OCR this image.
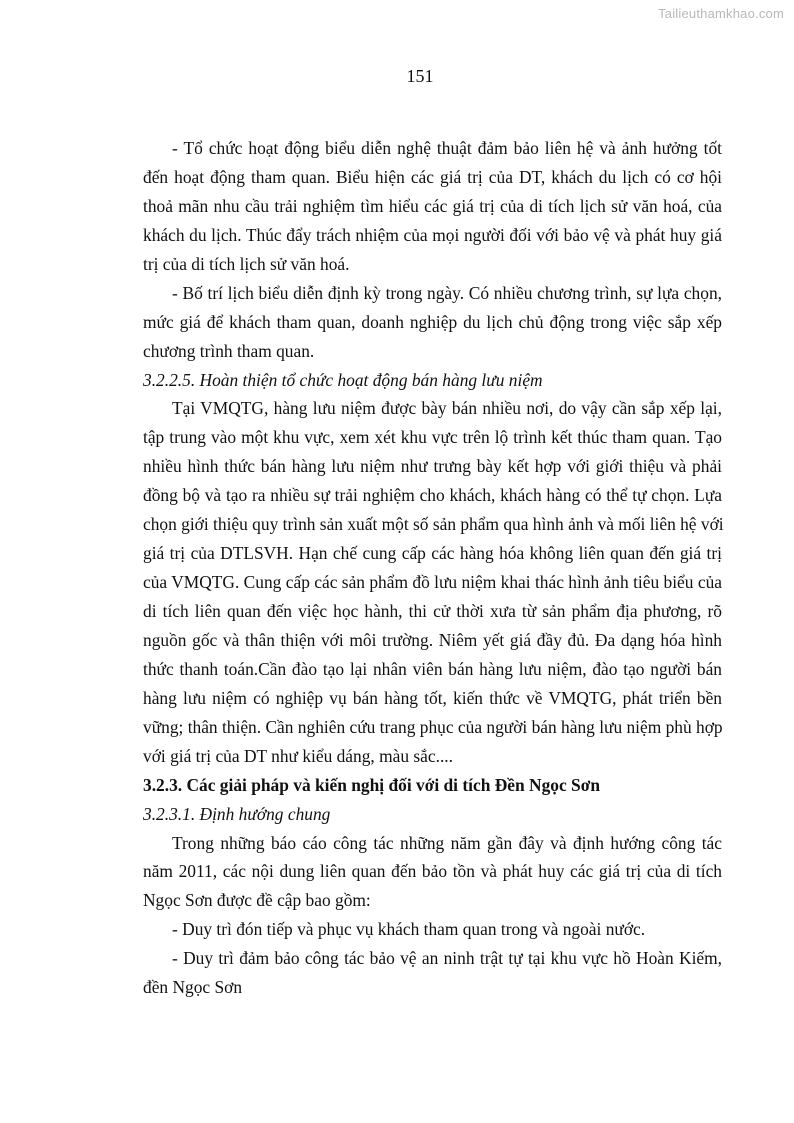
Tailieuthamkhao.com
151
- Tổ chức hoạt động biểu diễn nghệ thuật đảm bảo liên hệ và ảnh hưởng tốt
đến hoạt động tham quan. Biểu hiện các giá trị của DT, khách du lịch có cơ hội
thoả mãn nhu cầu trải nghiệm tìm hiểu các giá trị của di tích lịch sử văn hoá, của
khách du lịch. Thúc đẩy trách nhiệm của mọi người đối với bảo vệ và phát huy giá
trị của di tích lịch sử văn hoá.
- Bố trí lịch biểu diễn định kỳ trong ngày. Có nhiều chương trình, sự lựa chọn,
mức giá để khách tham quan, doanh nghiệp du lịch chủ động trong việc sắp xếp
chương trình tham quan.
3.2.2.5. Hoàn thiện tổ chức hoạt động bán hàng lưu niệm
Tại VMQTG, hàng lưu niệm được bày bán nhiều nơi, do vậy cần sắp xếp lại,
tập trung vào một khu vực, xem xét khu vực trên lộ trình kết thúc tham quan. Tạo
nhiều hình thức bán hàng lưu niệm như trưng bày kết hợp với giới thiệu và phải
đồng bộ và tạo ra nhiều sự trải nghiệm cho khách, khách hàng có thể tự chọn. Lựa
chọn giới thiệu quy trình sản xuất một số sản phẩm qua hình ảnh và mối liên hệ với
giá trị của DTLSVH. Hạn chế cung cấp các hàng hóa không liên quan đến giá trị
của VMQTG. Cung cấp các sản phẩm đồ lưu niệm khai thác hình ảnh tiêu biểu của
di tích liên quan đến việc học hành, thi cử thời xưa từ sản phẩm địa phương, rõ
nguồn gốc và thân thiện với môi trường. Niêm yết giá đầy đủ. Đa dạng hóa hình
thức thanh toán.Cần đào tạo lại nhân viên bán hàng lưu niệm, đào tạo người bán
hàng lưu niệm có nghiệp vụ bán hàng tốt, kiến thức về VMQTG, phát triển bền
vững; thân thiện. Cần nghiên cứu trang phục của người bán hàng lưu niệm phù hợp
với giá trị của DT như kiểu dáng, màu sắc....
3.2.3. Các giải pháp và kiến nghị đối với di tích Đền Ngọc Sơn
3.2.3.1. Định hướng chung
Trong những báo cáo công tác những năm gần đây và định hướng công tác
năm 2011, các nội dung liên quan đến bảo tồn và phát huy các giá trị của di tích
Ngọc Sơn được đề cập bao gồm:
- Duy trì đón tiếp và phục vụ khách tham quan trong và ngoài nước.
- Duy trì đảm bảo công tác bảo vệ an ninh trật tự tại khu vực hồ Hoàn Kiếm,
đền Ngọc Sơn
